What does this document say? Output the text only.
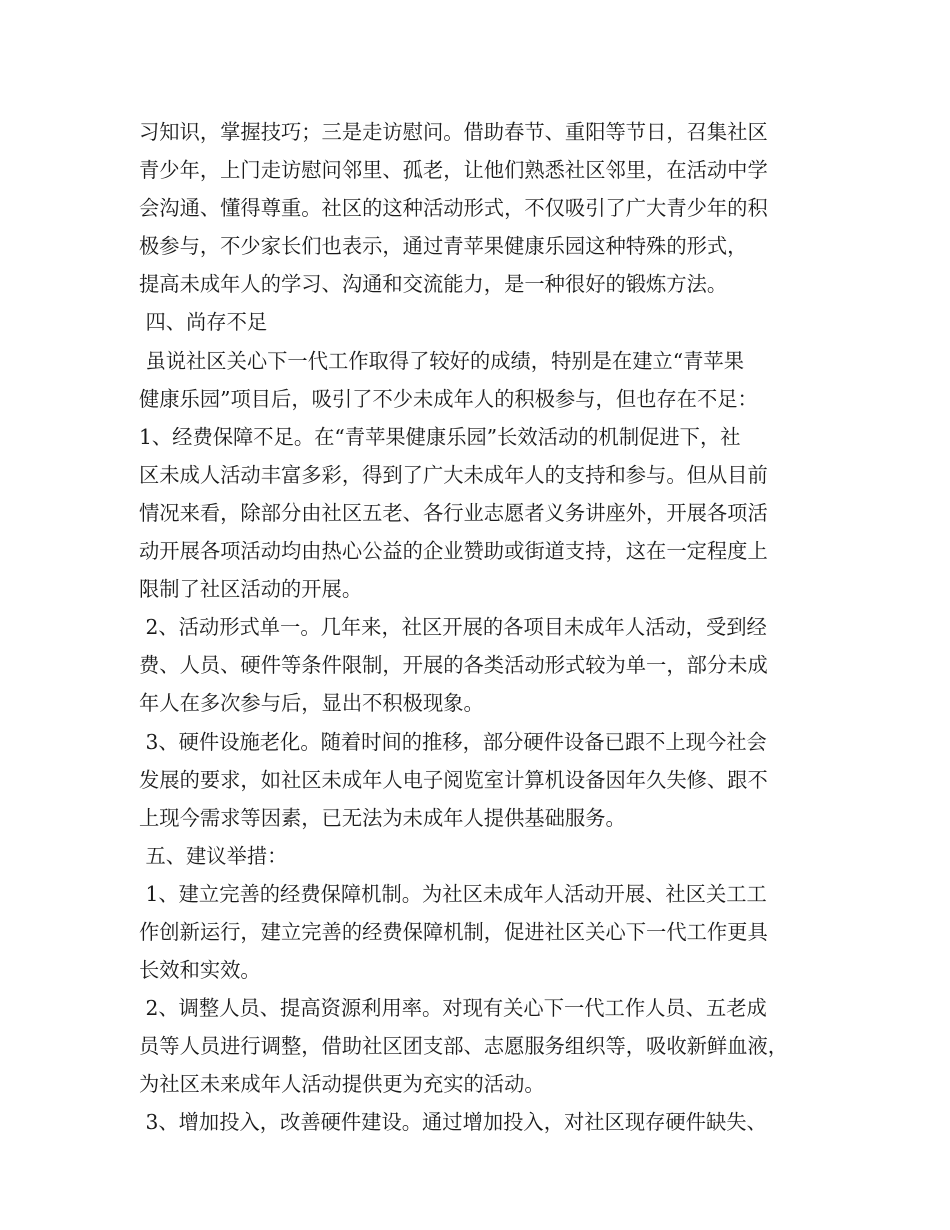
习知识，掌握技巧；三是走访慰问。借助春节、重阳等节日，召集社区
青少年，上门走访慰问邻里、孤老，让他们熟悉社区邻里，在活动中学
会沟通、懂得尊重。社区的这种活动形式，不仅吸引了广大青少年的积
极参与，不少家长们也表示，通过青苹果健康乐园这种特殊的形式，
提高未成年人的学习、沟通和交流能力，是一种很好的锻炼方法。
四、尚存不足
虽说社区关心下一代工作取得了较好的成绩，特别是在建立“青苹果
健康乐园”项目后，吸引了不少未成年人的积极参与，但也存在不足：
1、经费保障不足。在“青苹果健康乐园”长效活动的机制促进下，社
区未成人活动丰富多彩，得到了广大未成年人的支持和参与。但从目前
情况来看，除部分由社区五老、各行业志愿者义务讲座外，开展各项活
动开展各项活动均由热心公益的企业赞助或街道支持，这在一定程度上
限制了社区活动的开展。
2、活动形式单一。几年来，社区开展的各项目未成年人活动，受到经
费、人员、硬件等条件限制，开展的各类活动形式较为单一，部分未成
年人在多次参与后，显出不积极现象。
3、硬件设施老化。随着时间的推移，部分硬件设备已跟不上现今社会
发展的要求，如社区未成年人电子阅览室计算机设备因年久失修、跟不
上现今需求等因素，已无法为未成年人提供基础服务。
五、建议举措：
1、建立完善的经费保障机制。为社区未成年人活动开展、社区关工工
作创新运行，建立完善的经费保障机制，促进社区关心下一代工作更具
长效和实效。
2、调整人员、提高资源利用率。对现有关心下一代工作人员、五老成
员等人员进行调整，借助社区团支部、志愿服务组织等，吸收新鲜血液，
为社区未来成年人活动提供更为充实的活动。
3、增加投入，改善硬件建设。通过增加投入，对社区现存硬件缺失、
